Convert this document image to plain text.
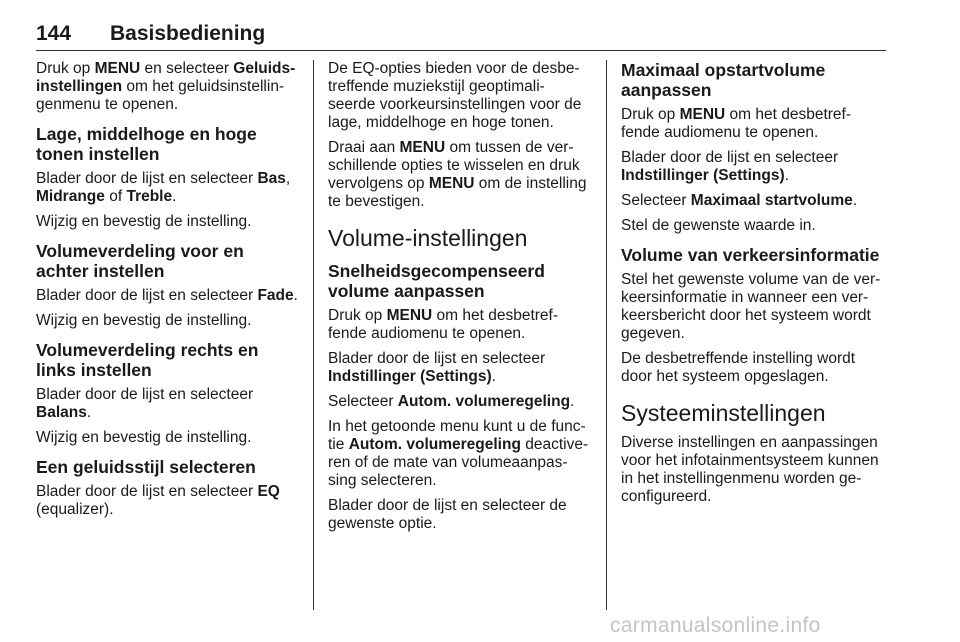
144 Basisbediening

Druk op MENU en selecteer Geluids-instellingen om het geluidsinstellin-genmenu te openen.

Lage, middelhoge en hoge tonen instellen

Blader door de lijst en selecteer Bas, Midrange of Treble.

Wijzig en bevestig de instelling.

Volumeverdeling voor en achter instellen

Blader door de lijst en selecteer Fade.

Wijzig en bevestig de instelling.

Volumeverdeling rechts en links instellen

Blader door de lijst en selecteer Balans.

Wijzig en bevestig de instelling.

Een geluidsstijl selecteren

Blader door de lijst en selecteer EQ (equalizer).

De EQ-opties bieden voor de desbe-treffende muziekstijl geoptimali-seerde voorkeursinstellingen voor de lage, middelhoge en hoge tonen.

Draai aan MENU om tussen de ver-schillende opties te wisselen en druk vervolgens op MENU om de instelling te bevestigen.

Volume-instellingen
Snelheidsgecompenseerd volume aanpassen

Druk op MENU om het desbetref-fende audiomenu te openen.

Blader door de lijst en selecteer Indstillinger (Settings).

Selecteer Autom. volumeregeling.

In het getoonde menu kunt u de func-tie Autom. volumeregeling deactive-ren of de mate van volumeaanpas-sing selecteren.

Blader door de lijst en selecteer de gewenste optie.

Maximaal opstartvolume aanpassen

Druk op MENU om het desbetref-fende audiomenu te openen.

Blader door de lijst en selecteer Indstillinger (Settings).

Selecteer Maximaal startvolume.

Stel de gewenste waarde in.

Volume van verkeersinformatie

Stel het gewenste volume van de ver-keersinformatie in wanneer een ver-keersbericht door het systeem wordt gegeven.

De desbetreffende instelling wordt door het systeem opgeslagen.

Systeeminstellingen

Diverse instellingen en aanpassingen voor het infotainmentsysteem kunnen in het instellingenmenu worden ge-configureerd.

carmanualsonline.info
